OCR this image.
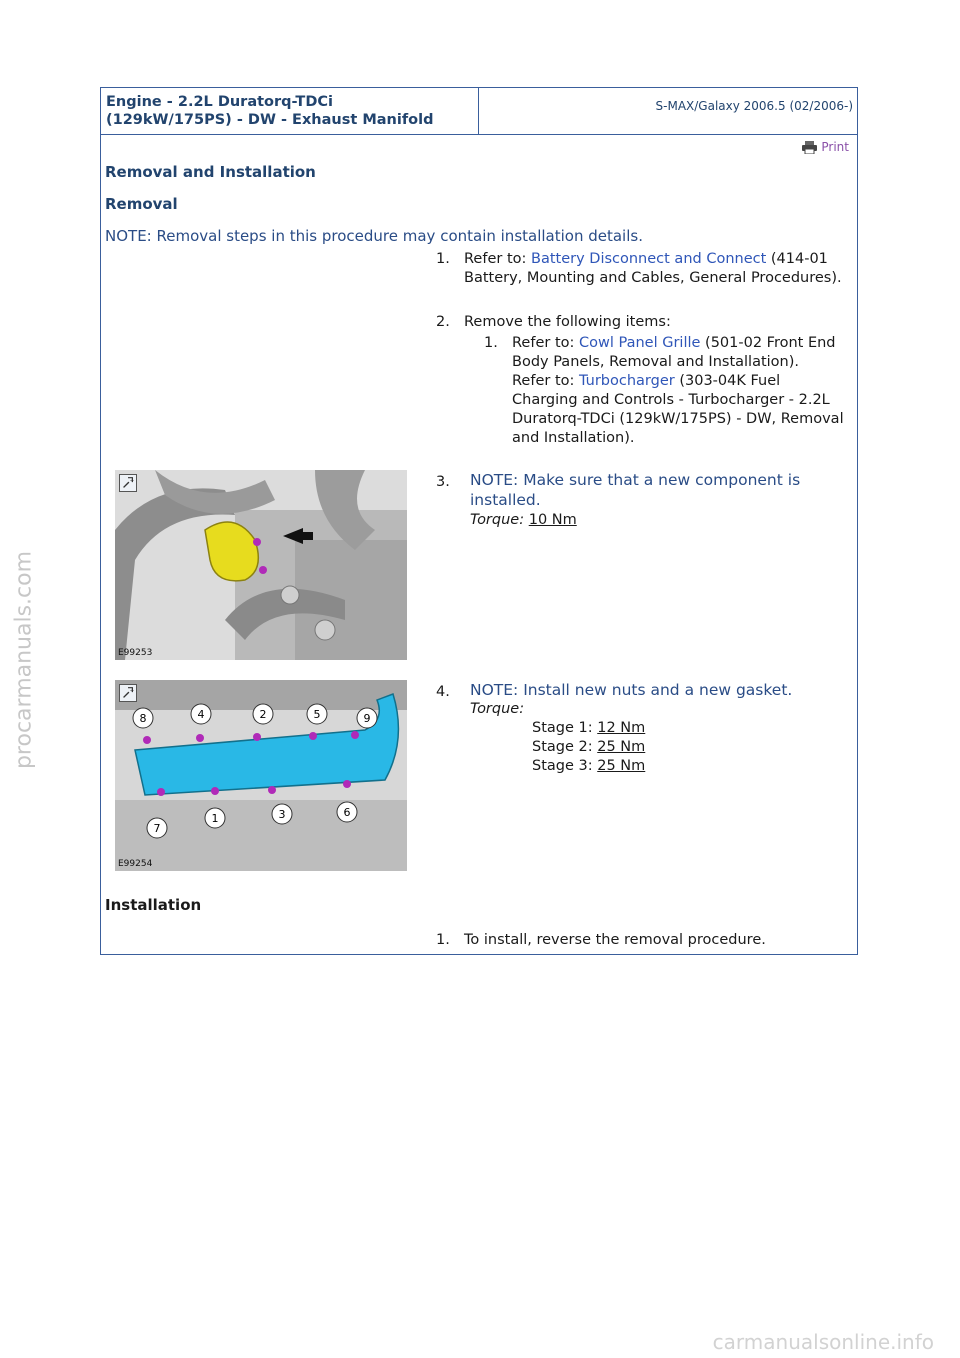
procarmanuals.com
carmanualsonline.info
Engine - 2.2L Duratorq-TDCi
(129kW/175PS) - DW - Exhaust Manifold
S-MAX/Galaxy 2006.5 (02/2006-)
Print
Removal and Installation
Removal
NOTE: Removal steps in this procedure may contain installation details.
1. Refer to: Battery Disconnect and Connect (414-01 Battery, Mounting and Cables, General Procedures).
2. Remove the following items:
1. Refer to: Cowl Panel Grille (501-02 Front End Body Panels, Removal and Installation).
Refer to: Turbocharger (303-04K Fuel Charging and Controls - Turbocharger - 2.2L Duratorq-TDCi (129kW/175PS) - DW, Removal and Installation).
+
E99253
3. NOTE: Make sure that a new component is installed.
Torque: 10 Nm
8	4	2	5	9
7
1	3	6
+
E99254
4. NOTE: Install new nuts and a new gasket.
Torque:
Stage 1: 12 Nm
Stage 2: 25 Nm
Stage 3: 25 Nm
Installation
1. To install, reverse the removal procedure.
